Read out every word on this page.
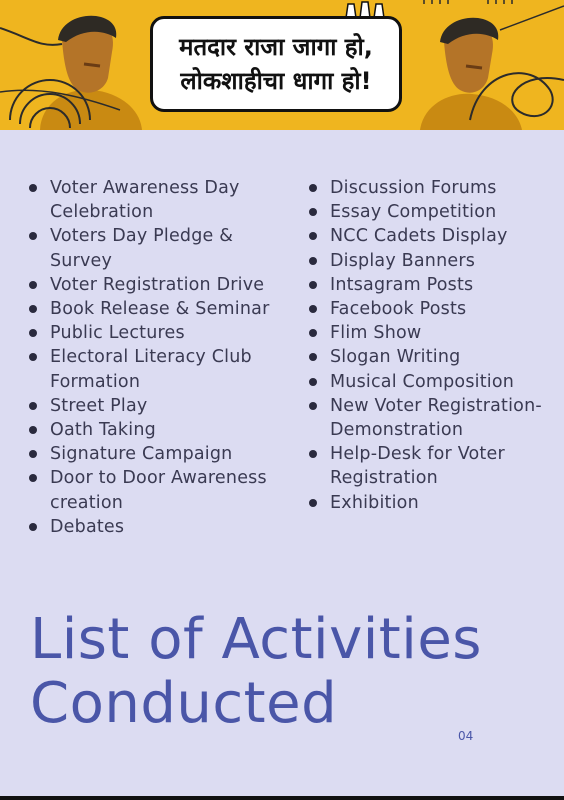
मतदार राजा जागा हो,
लोकशाहीचा धागा हो!
Voter Awareness Day Celebration
Voters Day Pledge & Survey
Voter Registration Drive
Book Release & Seminar
Public Lectures
Electoral Literacy Club Formation
Street Play
Oath Taking
Signature Campaign
Door to Door Awareness creation
Debates
Discussion Forums
Essay Competition
NCC Cadets Display
Display Banners
Intsagram Posts
Facebook Posts
Flim Show
Slogan Writing
Musical Composition
New Voter Registration-Demonstration
Help-Desk for Voter Registration
Exhibition
List of Activities
Conducted	04
